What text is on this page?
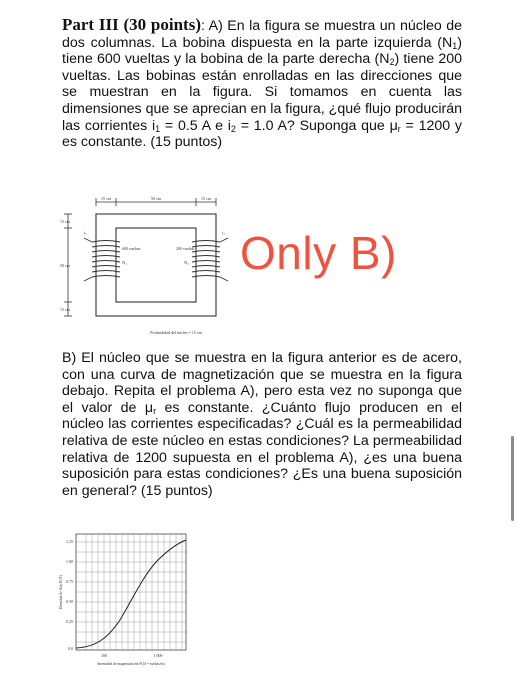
Part III (30 points): A) En la figura se muestra un núcleo de dos columnas. La bobina dispuesta en la parte izquierda $(N_1)$ tiene 600 vueltas y la bobina de la parte derecha $(N_2)$ tiene 200 vueltas. Las bobinas están enrolladas en las direcciones que se muestran en la figura. Si tomamos en cuenta las dimensiones que se aprecian en la figura, ¿qué flujo producirán las corrientes $i_1 = 0.5$ A e $i_2 = 1.0$ A? Suponga que $\mu_r = 1200$ y es constante. (15 puntos)
15 cm	50 cm	15 cm
15 cm
50 cm
15 cm
600 vueltas	200 vueltas
i₁	i₂
N₁	N₂
Profundidad del núcleo = 15 cm
Only B)
B) El núcleo que se muestra en la figura anterior es de acero, con una curva de magnetización que se muestra en la figura debajo. Repita el problema A), pero esta vez no suponga que el valor de $\mu_r$ es constante. ¿Cuánto flujo producen en el núcleo las corrientes especificadas? ¿Cuál es la permeabilidad relativa de este núcleo en estas condiciones? La permeabilidad relativa de 1200 supuesta en el problema A), ¿es una buena suposición para estas condiciones? ¿Es una buena suposición en general? (15 puntos)
1.25
1.00
0.75
0.50
0.25
0.0
100	1 000
Densidad de flujo B (T)
Intensidad de magnetización H (A • vueltas/m)
